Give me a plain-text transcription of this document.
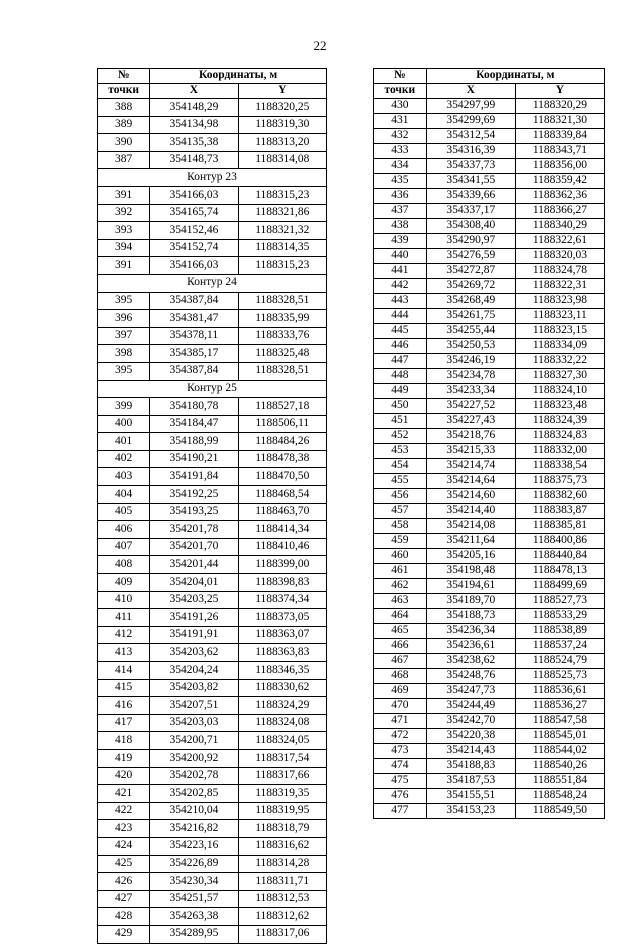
22
№	Координаты, м	
точки	X	Y
388	354148,29	1188320,25
389	354134,98	1188319,30
390	354135,38	1188313,20
387	354148,73	1188314,08
Контур 23		
391	354166,03	1188315,23
392	354165,74	1188321,86
393	354152,46	1188321,32
394	354152,74	1188314,35
391	354166,03	1188315,23
Контур 24		
395	354387,84	1188328,51
396	354381,47	1188335,99
397	354378,11	1188333,76
398	354385,17	1188325,48
395	354387,84	1188328,51
Контур 25		
399	354180,78	1188527,18
400	354184,47	1188506,11
401	354188,99	1188484,26
402	354190,21	1188478,38
403	354191,84	1188470,50
404	354192,25	1188468,54
405	354193,25	1188463,70
406	354201,78	1188414,34
407	354201,70	1188410,46
408	354201,44	1188399,00
409	354204,01	1188398,83
410	354203,25	1188374,34
411	354191,26	1188373,05
412	354191,91	1188363,07
413	354203,62	1188363,83
414	354204,24	1188346,35
415	354203,82	1188330,62
416	354207,51	1188324,29
417	354203,03	1188324,08
418	354200,71	1188324,05
419	354200,92	1188317,54
420	354202,78	1188317,66
421	354202,85	1188319,35
422	354210,04	1188319,95
423	354216,82	1188318,79
424	354223,16	1188316,62
425	354226,89	1188314,28
426	354230,34	1188311,71
427	354251,57	1188312,53
428	354263,38	1188312,62
429	354289,95	1188317,06
№	Координаты, м	
точки	X	Y
430	354297,99	1188320,29
431	354299,69	1188321,30
432	354312,54	1188339,84
433	354316,39	1188343,71
434	354337,73	1188356,00
435	354341,55	1188359,42
436	354339,66	1188362,36
437	354337,17	1188366,27
438	354308,40	1188340,29
439	354290,97	1188322,61
440	354276,59	1188320,03
441	354272,87	1188324,78
442	354269,72	1188322,31
443	354268,49	1188323,98
444	354261,75	1188323,11
445	354255,44	1188323,15
446	354250,53	1188334,09
447	354246,19	1188332,22
448	354234,78	1188327,30
449	354233,34	1188324,10
450	354227,52	1188323,48
451	354227,43	1188324,39
452	354218,76	1188324,83
453	354215,33	1188332,00
454	354214,74	1188338,54
455	354214,64	1188375,73
456	354214,60	1188382,60
457	354214,40	1188383,87
458	354214,08	1188385,81
459	354211,64	1188400,86
460	354205,16	1188440,84
461	354198,48	1188478,13
462	354194,61	1188499,69
463	354189,70	1188527,73
464	354188,73	1188533,29
465	354236,34	1188538,89
466	354236,61	1188537,24
467	354238,62	1188524,79
468	354248,76	1188525,73
469	354247,73	1188536,61
470	354244,49	1188536,27
471	354242,70	1188547,58
472	354220,38	1188545,01
473	354214,43	1188544,02
474	354188,83	1188540,26
475	354187,53	1188551,84
476	354155,51	1188548,24
477	354153,23	1188549,50
